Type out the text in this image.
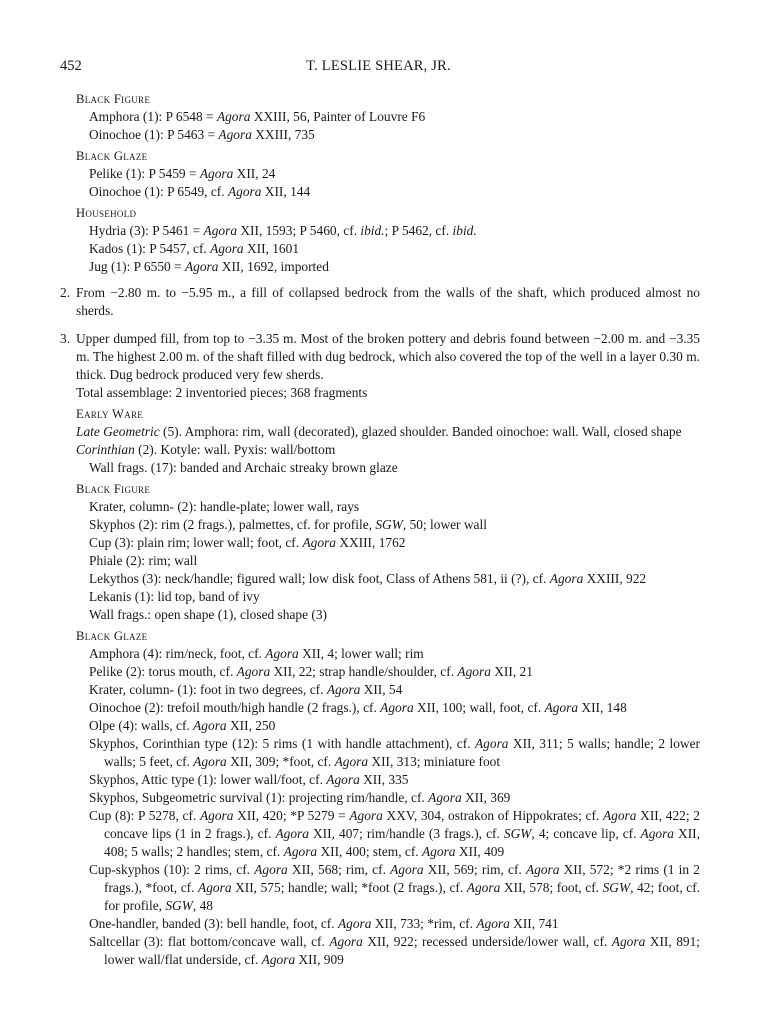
452	T. LESLIE SHEAR, JR.
Black Figure
Amphora (1): P 6548 = Agora XXIII, 56, Painter of Louvre F6
Oinochoe (1): P 5463 = Agora XXIII, 735
Black Glaze
Pelike (1): P 5459 = Agora XII, 24
Oinochoe (1): P 6549, cf. Agora XII, 144
Household
Hydria (3): P 5461 = Agora XII, 1593; P 5460, cf. ibid.; P 5462, cf. ibid.
Kados (1): P 5457, cf. Agora XII, 1601
Jug (1): P 6550 = Agora XII, 1692, imported
2. From −2.80 m. to −5.95 m., a fill of collapsed bedrock from the walls of the shaft, which produced almost no sherds.
3. Upper dumped fill, from top to −3.35 m. Most of the broken pottery and debris found between −2.00 m. and −3.35 m. The highest 2.00 m. of the shaft filled with dug bedrock, which also covered the top of the well in a layer 0.30 m. thick. Dug bedrock produced very few sherds.
Total assemblage: 2 inventoried pieces; 368 fragments
Early Ware
Late Geometric (5). Amphora: rim, wall (decorated), glazed shoulder. Banded oinochoe: wall. Wall, closed shape
Corinthian (2). Kotyle: wall. Pyxis: wall/bottom
Wall frags. (17): banded and Archaic streaky brown glaze
Black Figure
Krater, column- (2): handle-plate; lower wall, rays
Skyphos (2): rim (2 frags.), palmettes, cf. for profile, SGW, 50; lower wall
Cup (3): plain rim; lower wall; foot, cf. Agora XXIII, 1762
Phiale (2): rim; wall
Lekythos (3): neck/handle; figured wall; low disk foot, Class of Athens 581, ii (?), cf. Agora XXIII, 922
Lekanis (1): lid top, band of ivy
Wall frags.: open shape (1), closed shape (3)
Black Glaze
Amphora (4): rim/neck, foot, cf. Agora XII, 4; lower wall; rim
Pelike (2): torus mouth, cf. Agora XII, 22; strap handle/shoulder, cf. Agora XII, 21
Krater, column- (1): foot in two degrees, cf. Agora XII, 54
Oinochoe (2): trefoil mouth/high handle (2 frags.), cf. Agora XII, 100; wall, foot, cf. Agora XII, 148
Olpe (4): walls, cf. Agora XII, 250
Skyphos, Corinthian type (12): 5 rims (1 with handle attachment), cf. Agora XII, 311; 5 walls; handle; 2 lower walls; 5 feet, cf. Agora XII, 309; *foot, cf. Agora XII, 313; miniature foot
Skyphos, Attic type (1): lower wall/foot, cf. Agora XII, 335
Skyphos, Subgeometric survival (1): projecting rim/handle, cf. Agora XII, 369
Cup (8): P 5278, cf. Agora XII, 420; *P 5279 = Agora XXV, 304, ostrakon of Hippokrates; cf. Agora XII, 422; 2 concave lips (1 in 2 frags.), cf. Agora XII, 407; rim/handle (3 frags.), cf. SGW, 4; concave lip, cf. Agora XII, 408; 5 walls; 2 handles; stem, cf. Agora XII, 400; stem, cf. Agora XII, 409
Cup-skyphos (10): 2 rims, cf. Agora XII, 568; rim, cf. Agora XII, 569; rim, cf. Agora XII, 572; *2 rims (1 in 2 frags.), *foot, cf. Agora XII, 575; handle; wall; *foot (2 frags.), cf. Agora XII, 578; foot, cf. SGW, 42; foot, cf. for profile, SGW, 48
One-handler, banded (3): bell handle, foot, cf. Agora XII, 733; *rim, cf. Agora XII, 741
Saltcellar (3): flat bottom/concave wall, cf. Agora XII, 922; recessed underside/lower wall, cf. Agora XII, 891; lower wall/flat underside, cf. Agora XII, 909
